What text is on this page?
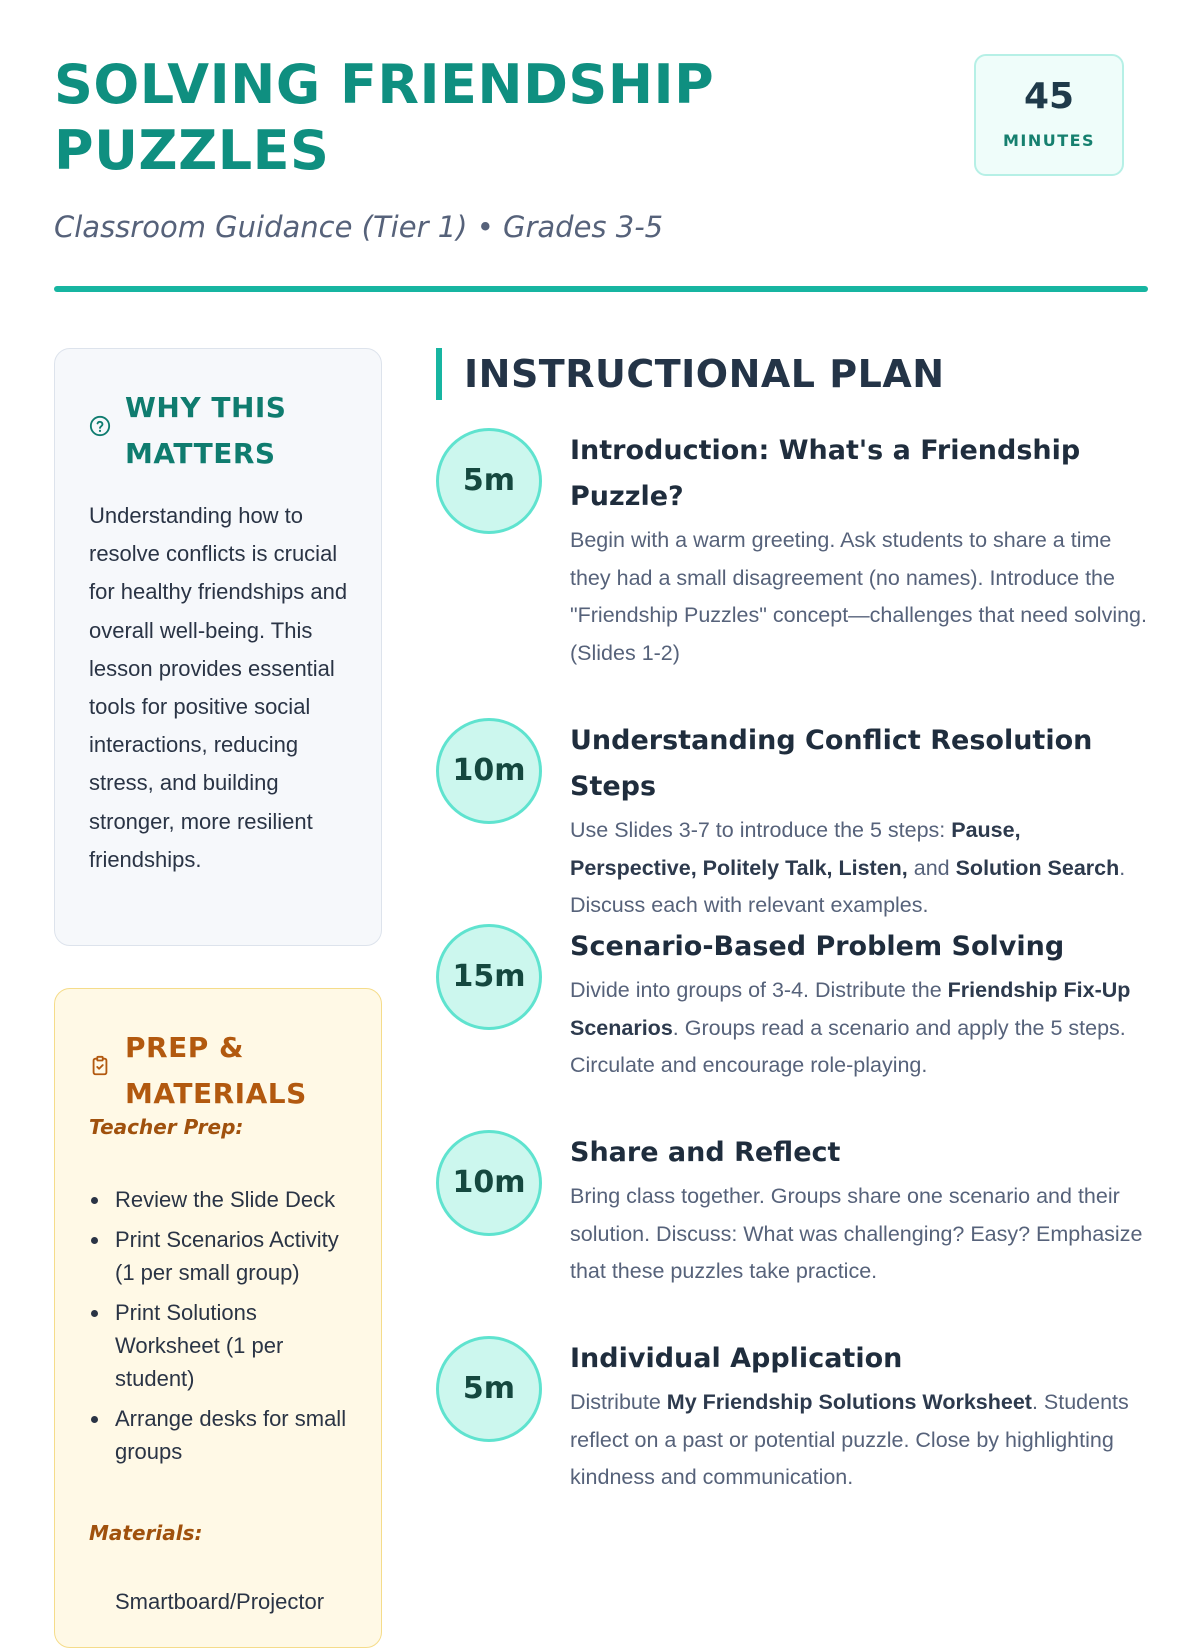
SOLVING FRIENDSHIP PUZZLES
Classroom Guidance (Tier 1) • Grades 3-5
45
MINUTES
WHY THIS MATTERS

Understanding how to resolve conflicts is crucial for healthy friendships and overall well-being. This lesson provides essential tools for positive social interactions, reducing stress, and building stronger, more resilient friendships.

PREP & MATERIALS
Teacher Prep:
Review the Slide Deck
Print Scenarios Activity (1 per small group)
Print Solutions Worksheet (1 per student)
Arrange desks for small groups
Materials:
Smartboard/Projector
INSTRUCTIONAL PLAN
5m
Introduction: What's a Friendship Puzzle?

Begin with a warm greeting. Ask students to share a time they had a small disagreement (no names). Introduce the "Friendship Puzzles" concept—challenges that need solving. (Slides 1-2)

10m
Understanding Conflict Resolution Steps

Use Slides 3-7 to introduce the 5 steps: Pause, Perspective, Politely Talk, Listen, and Solution Search. Discuss each with relevant examples.

15m
Scenario-Based Problem Solving

Divide into groups of 3-4. Distribute the Friendship Fix-Up Scenarios. Groups read a scenario and apply the 5 steps. Circulate and encourage role-playing.

10m
Share and Reflect

Bring class together. Groups share one scenario and their solution. Discuss: What was challenging? Easy? Emphasize that these puzzles take practice.

5m
Individual Application

Distribute My Friendship Solutions Worksheet. Students reflect on a past or potential puzzle. Close by highlighting kindness and communication.
